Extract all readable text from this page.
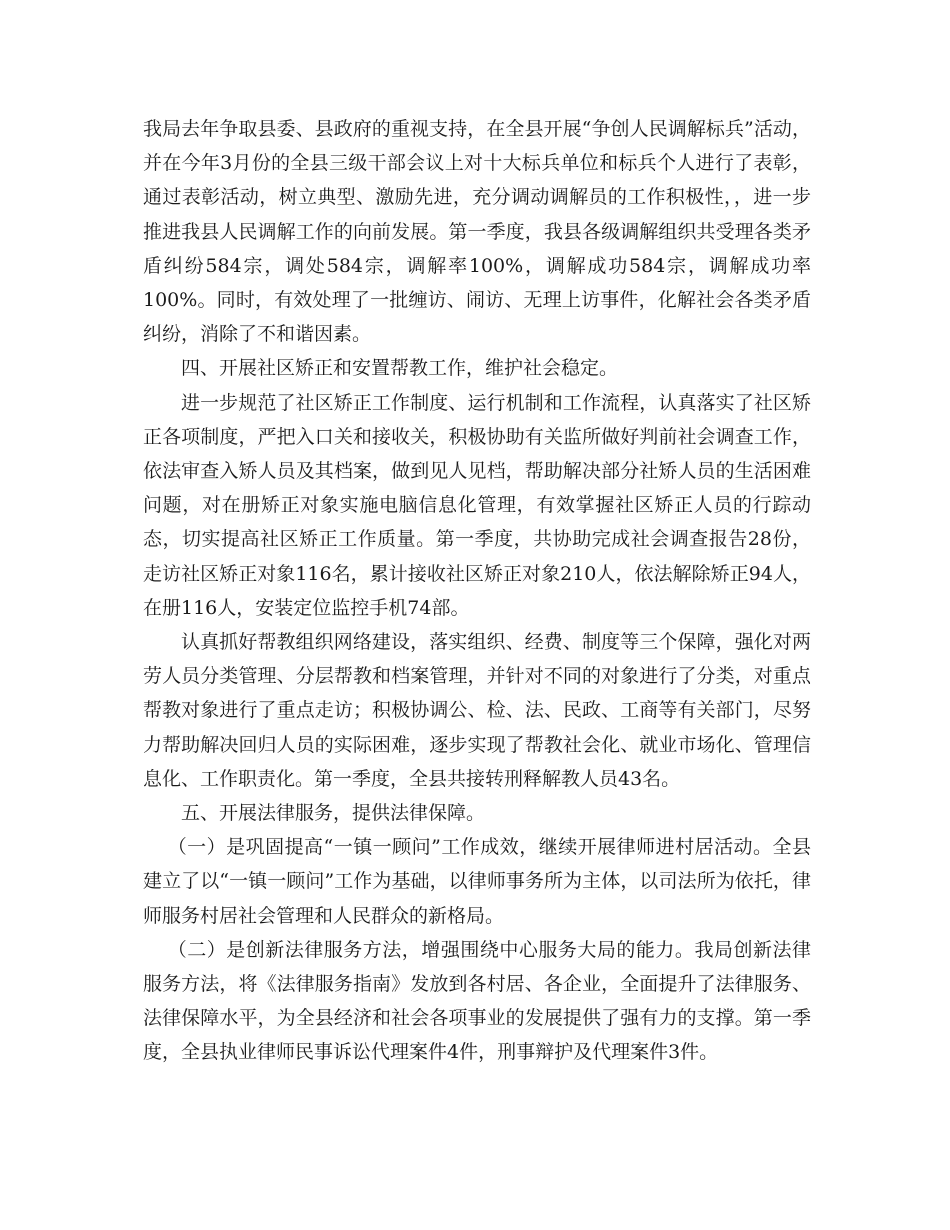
我局去年争取县委、县政府的重视支持，在全县开展“争创人民调解标兵”活动，并在今年3月份的全县三级干部会议上对十大标兵单位和标兵个人进行了表彰，通过表彰活动，树立典型、激励先进，充分调动调解员的工作积极性，，进一步推进我县人民调解工作的向前发展。第一季度，我县各级调解组织共受理各类矛盾纠纷584宗，调处584宗，调解率100%，调解成功584宗，调解成功率100%。同时，有效处理了一批缠访、闹访、无理上访事件，化解社会各类矛盾纠纷，消除了不和谐因素。

四、开展社区矫正和安置帮教工作，维护社会稳定。

进一步规范了社区矫正工作制度、运行机制和工作流程，认真落实了社区矫正各项制度，严把入口关和接收关，积极协助有关监所做好判前社会调查工作，依法审查入矫人员及其档案，做到见人见档，帮助解决部分社矫人员的生活困难问题，对在册矫正对象实施电脑信息化管理，有效掌握社区矫正人员的行踪动态，切实提高社区矫正工作质量。第一季度，共协助完成社会调查报告28份，走访社区矫正对象116名，累计接收社区矫正对象210人，依法解除矫正94人，在册116人，安装定位监控手机74部。

认真抓好帮教组织网络建设，落实组织、经费、制度等三个保障，强化对两劳人员分类管理、分层帮教和档案管理，并针对不同的对象进行了分类，对重点帮教对象进行了重点走访；积极协调公、检、法、民政、工商等有关部门，尽努力帮助解决回归人员的实际困难，逐步实现了帮教社会化、就业市场化、管理信息化、工作职责化。第一季度，全县共接转刑释解教人员43名。

五、开展法律服务，提供法律保障。

（一）是巩固提高“一镇一顾问”工作成效，继续开展律师进村居活动。全县建立了以“一镇一顾问”工作为基础，以律师事务所为主体，以司法所为依托，律师服务村居社会管理和人民群众的新格局。

（二）是创新法律服务方法，增强围绕中心服务大局的能力。我局创新法律服务方法，将《法律服务指南》发放到各村居、各企业，全面提升了法律服务、法律保障水平，为全县经济和社会各项事业的发展提供了强有力的支撑。第一季度，全县执业律师民事诉讼代理案件4件，刑事辩护及代理案件3件。
